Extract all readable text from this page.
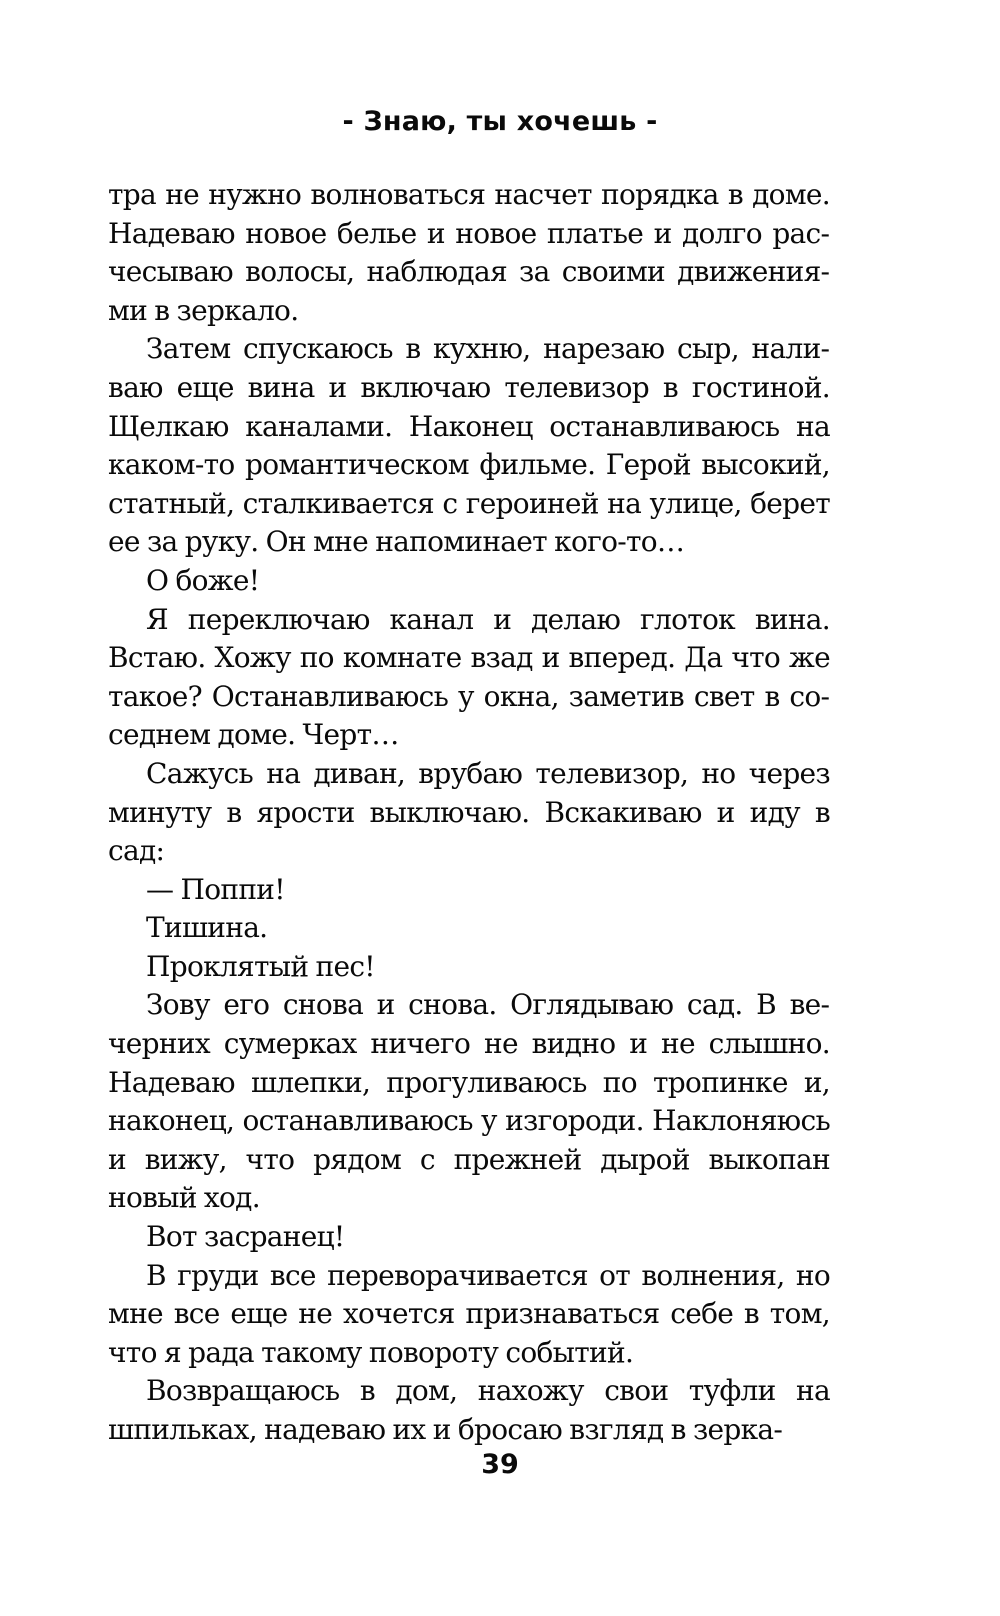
- Знаю, ты хочешь -

тра не нужно волноваться насчет порядка в доме. Надеваю новое белье и новое платье и долго расчесываю волосы, наблюдая за своими движениями в зеркало.

Затем спускаюсь в кухню, нарезаю сыр, наливаю еще вина и включаю телевизор в гостиной. Щелкаю каналами. Наконец останавливаюсь на каком-то романтическом фильме. Герой высокий, статный, сталкивается с героиней на улице, берет ее за руку. Он мне напоминает кого-то…

О боже!

Я переключаю канал и делаю глоток вина. Встаю. Хожу по комнате взад и вперед. Да что же такое? Останавливаюсь у окна, заметив свет в соседнем доме. Черт…

Сажусь на диван, врубаю телевизор, но через минуту в ярости выключаю. Вскакиваю и иду в сад:

— Поппи!

Тишина.

Проклятый пес!

Зову его снова и снова. Оглядываю сад. В вечерних сумерках ничего не видно и не слышно. Надеваю шлепки, прогуливаюсь по тропинке и, наконец, останавливаюсь у изгороди. Наклоняюсь и вижу, что рядом с прежней дырой выкопан новый ход.

Вот засранец!

В груди все переворачивается от волнения, но мне все еще не хочется признаваться себе в том, что я рада такому повороту событий.

Возвращаюсь в дом, нахожу свои туфли на шпильках, надеваю их и бросаю взгляд в зерка-

39
